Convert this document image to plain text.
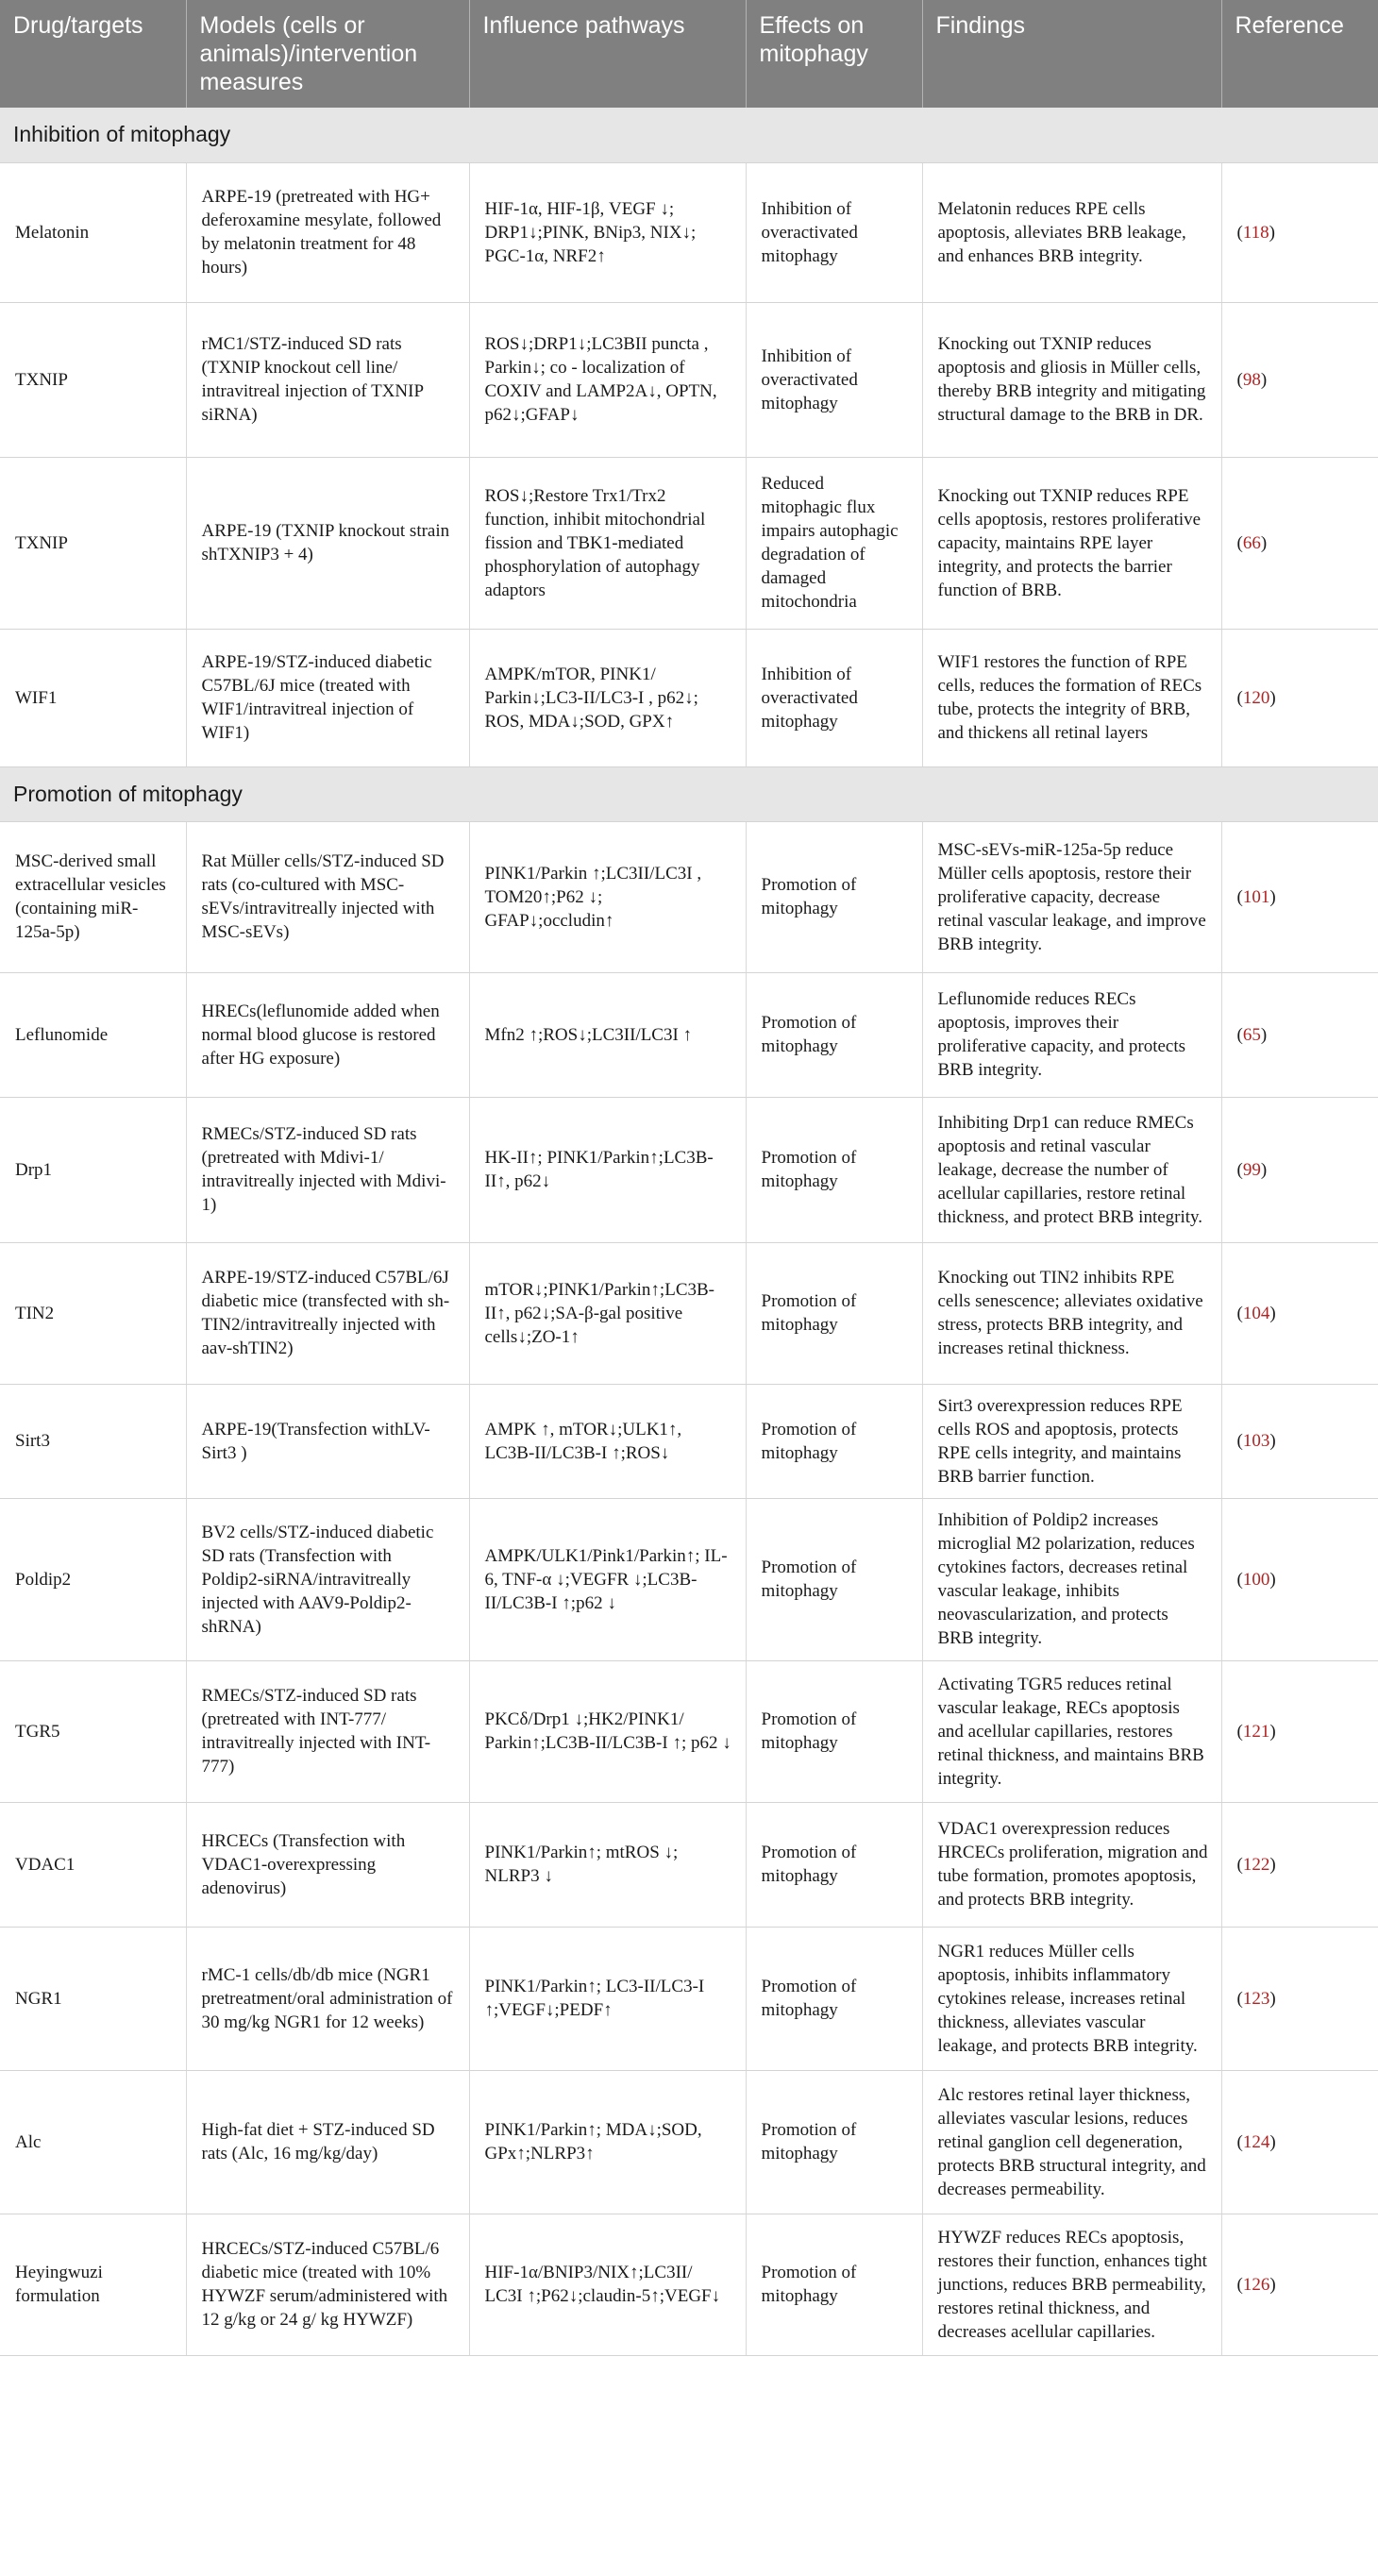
Drug/targets	Models (cells or animals)/intervention measures	Influence pathways	Effects on mitophagy	Findings	Reference
Inhibition of mitophagy					
Melatonin	ARPE-19 (pretreated with HG+ deferoxamine mesylate, followed by melatonin treatment for 48 hours)	HIF-1α, HIF-1β, VEGF ↓; DRP1↓;PINK, BNip3, NIX↓; PGC-1α, NRF2↑	Inhibition of overactivated mitophagy	Melatonin reduces RPE cells apoptosis, alleviates BRB leakage, and enhances BRB integrity.	(118)
TXNIP	rMC1/STZ-induced SD rats (TXNIP knockout cell line/ intravitreal injection of TXNIP siRNA)	ROS↓;DRP1↓;LC3BII puncta , Parkin↓; co - localization of COXIV and LAMP2A↓, OPTN, p62↓;GFAP↓	Inhibition of overactivated mitophagy	Knocking out TXNIP reduces apoptosis and gliosis in Müller cells, thereby BRB integrity and mitigating structural damage to the BRB in DR.	(98)
TXNIP	ARPE-19 (TXNIP knockout strain shTXNIP3 + 4)	ROS↓;Restore Trx1/Trx2 function, inhibit mitochondrial fission and TBK1-mediated phosphorylation of autophagy adaptors	Reduced mitophagic flux impairs autophagic degradation of damaged mitochondria	Knocking out TXNIP reduces RPE cells apoptosis, restores proliferative capacity, maintains RPE layer integrity, and protects the barrier function of BRB.	(66)
WIF1	ARPE-19/STZ-induced diabetic C57BL/6J mice (treated with WIF1/intravitreal injection of WIF1)	AMPK/mTOR, PINK1/ Parkin↓;LC3-II/LC3-I , p62↓; ROS, MDA↓;SOD, GPX↑	Inhibition of overactivated mitophagy	WIF1 restores the function of RPE cells, reduces the formation of RECs tube, protects the integrity of BRB, and thickens all retinal layers	(120)
Promotion of mitophagy					
MSC-derived small extracellular vesicles (containing miR-125a-5p)	Rat Müller cells/STZ-induced SD rats (co-cultured with MSC-sEVs/intravitreally injected with MSC-sEVs)	PINK1/Parkin ↑;LC3II/LC3I , TOM20↑;P62 ↓; GFAP↓;occludin↑	Promotion of mitophagy	MSC-sEVs-miR-125a-5p reduce Müller cells apoptosis, restore their proliferative capacity, decrease retinal vascular leakage, and improve BRB integrity.	(101)
Leflunomide	HRECs(leflunomide added when normal blood glucose is restored after HG exposure)	Mfn2 ↑;ROS↓;LC3II/LC3I ↑	Promotion of mitophagy	Leflunomide reduces RECs apoptosis, improves their proliferative capacity, and protects BRB integrity.	(65)
Drp1	RMECs/STZ-induced SD rats (pretreated with Mdivi-1/ intravitreally injected with Mdivi-1)	HK-II↑; PINK1/Parkin↑;LC3B-II↑, p62↓	Promotion of mitophagy	Inhibiting Drp1 can reduce RMECs apoptosis and retinal vascular leakage, decrease the number of acellular capillaries, restore retinal thickness, and protect BRB integrity.	(99)
TIN2	ARPE-19/STZ-induced C57BL/6J diabetic mice (transfected with sh-TIN2/intravitreally injected with aav-shTIN2)	mTOR↓;PINK1/Parkin↑;LC3B-II↑, p62↓;SA-β-gal positive cells↓;ZO-1↑	Promotion of mitophagy	Knocking out TIN2 inhibits RPE cells senescence; alleviates oxidative stress, protects BRB integrity, and increases retinal thickness.	(104)
Sirt3	ARPE-19(Transfection withLV-Sirt3 )	AMPK ↑, mTOR↓;ULK1↑, LC3B-II/LC3B-I ↑;ROS↓	Promotion of mitophagy	Sirt3 overexpression reduces RPE cells ROS and apoptosis, protects RPE cells integrity, and maintains BRB barrier function.	(103)
Poldip2	BV2 cells/STZ-induced diabetic SD rats (Transfection with Poldip2-siRNA/intravitreally injected with AAV9-Poldip2-shRNA)	AMPK/ULK1/Pink1/Parkin↑; IL-6, TNF-α ↓;VEGFR ↓;LC3B-II/LC3B-I ↑;p62 ↓	Promotion of mitophagy	Inhibition of Poldip2 increases microglial M2 polarization, reduces cytokines factors, decreases retinal vascular leakage, inhibits neovascularization, and protects BRB integrity.	(100)
TGR5	RMECs/STZ-induced SD rats (pretreated with INT-777/ intravitreally injected with INT-777)	PKCδ/Drp1 ↓;HK2/PINK1/ Parkin↑;LC3B-II/LC3B-I ↑; p62 ↓	Promotion of mitophagy	Activating TGR5 reduces retinal vascular leakage, RECs apoptosis and acellular capillaries, restores retinal thickness, and maintains BRB integrity.	(121)
VDAC1	HRCECs (Transfection with VDAC1-overexpressing adenovirus)	PINK1/Parkin↑; mtROS ↓; NLRP3 ↓	Promotion of mitophagy	VDAC1 overexpression reduces HRCECs proliferation, migration and tube formation, promotes apoptosis, and protects BRB integrity.	(122)
NGR1	rMC-1 cells/db/db mice (NGR1 pretreatment/oral administration of 30 mg/kg NGR1 for 12 weeks)	PINK1/Parkin↑; LC3-II/LC3-I ↑;VEGF↓;PEDF↑	Promotion of mitophagy	NGR1 reduces Müller cells apoptosis, inhibits inflammatory cytokines release, increases retinal thickness, alleviates vascular leakage, and protects BRB integrity.	(123)
Alc	High-fat diet + STZ-induced SD rats (Alc, 16 mg/kg/day)	PINK1/Parkin↑; MDA↓;SOD, GPx↑;NLRP3↑	Promotion of mitophagy	Alc restores retinal layer thickness, alleviates vascular lesions, reduces retinal ganglion cell degeneration, protects BRB structural integrity, and decreases permeability.	(124)
Heyingwuzi formulation	HRCECs/STZ-induced C57BL/6 diabetic mice (treated with 10% HYWZF serum/administered with 12 g/kg or 24 g/ kg HYWZF)	HIF-1α/BNIP3/NIX↑;LC3II/ LC3I ↑;P62↓;claudin-5↑;VEGF↓	Promotion of mitophagy	HYWZF reduces RECs apoptosis, restores their function, enhances tight junctions, reduces BRB permeability, restores retinal thickness, and decreases acellular capillaries.	(126)
